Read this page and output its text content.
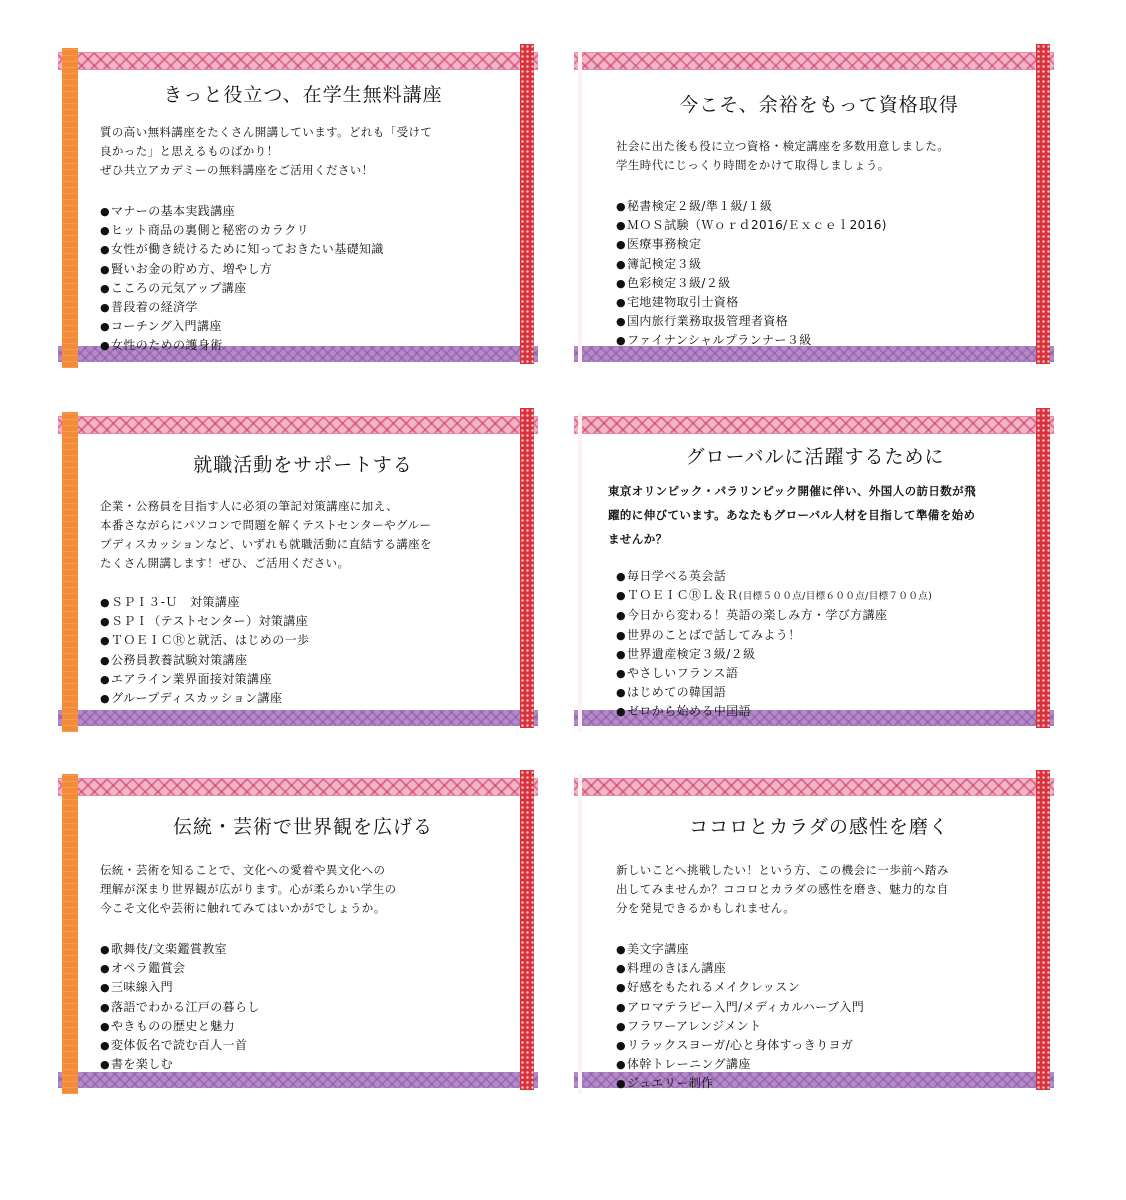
きっと役立つ、在学生無料講座

質の高い無料講座をたくさん開講しています。どれも「受けて
良かった」と思えるものばかり！
ぜひ共立アカデミーの無料講座をご活用ください！

●マナーの基本実践講座
●ヒット商品の裏側と秘密のカラクリ
●女性が働き続けるために知っておきたい基礎知識
●賢いお金の貯め方、増やし方
●こころの元気アップ講座
●普段着の経済学
●コーチング入門講座
●女性のための護身術
今こそ、余裕をもって資格取得

社会に出た後も役に立つ資格・検定講座を多数用意しました。
学生時代にじっくり時間をかけて取得しましょう。

●秘書検定２級/準１級/１級
●ＭＯＳ試験（Ｗｏｒｄ2016/Ｅｘｃｅｌ2016)
●医療事務検定
●簿記検定３級
●色彩検定３級/２級
●宅地建物取引士資格
●国内旅行業務取扱管理者資格
●ファイナンシャルプランナー３級
就職活動をサポートする

企業・公務員を目指す人に必須の筆記対策講座に加え、
本番さながらにパソコンで問題を解くテストセンターやグルー
プディスカッションなど、いずれも就職活動に直結する講座を
たくさん開講します！ぜひ、ご活用ください。

●ＳＰＩ３-Ｕ　対策講座
●ＳＰＩ（テストセンター）対策講座
●ＴＯＥＩＣⓇと就活、はじめの一歩
●公務員教養試験対策講座
●エアライン業界面接対策講座
●グループディスカッション講座
グローバルに活躍するために

東京オリンピック・パラリンピック開催に伴い、外国人の訪日数が飛
躍的に伸びています。あなたもグローバル人材を目指して準備を始め
ませんか？

●毎日学べる英会話
●ＴＯＥＩＣⓇＬ＆Ｒ(目標５００点/目標６００点/目標７００点)
●今日から変わる！英語の楽しみ方・学び方講座
●世界のことばで話してみよう！
●世界遺産検定３級/２級
●やさしいフランス語
●はじめての韓国語
●ゼロから始める中国語
伝統・芸術で世界観を広げる

伝統・芸術を知ることで、文化への愛着や異文化への
理解が深まり世界観が広がります。心が柔らかい学生の
今こそ文化や芸術に触れてみてはいかがでしょうか。

●歌舞伎/文楽鑑賞教室
●オペラ鑑賞会
●三味線入門
●落語でわかる江戸の暮らし
●やきものの歴史と魅力
●変体仮名で読む百人一首
●書を楽しむ
ココロとカラダの感性を磨く

新しいことへ挑戦したい！という方、この機会に一歩前へ踏み
出してみませんか？ココロとカラダの感性を磨き、魅力的な自
分を発見できるかもしれません。

●美文字講座
●料理のきほん講座
●好感をもたれるメイクレッスン
●アロマテラピー入門/メディカルハーブ入門
●フラワーアレンジメント
●リラックスヨーガ/心と身体すっきりヨガ
●体幹トレーニング講座
●ジュエリー制作
